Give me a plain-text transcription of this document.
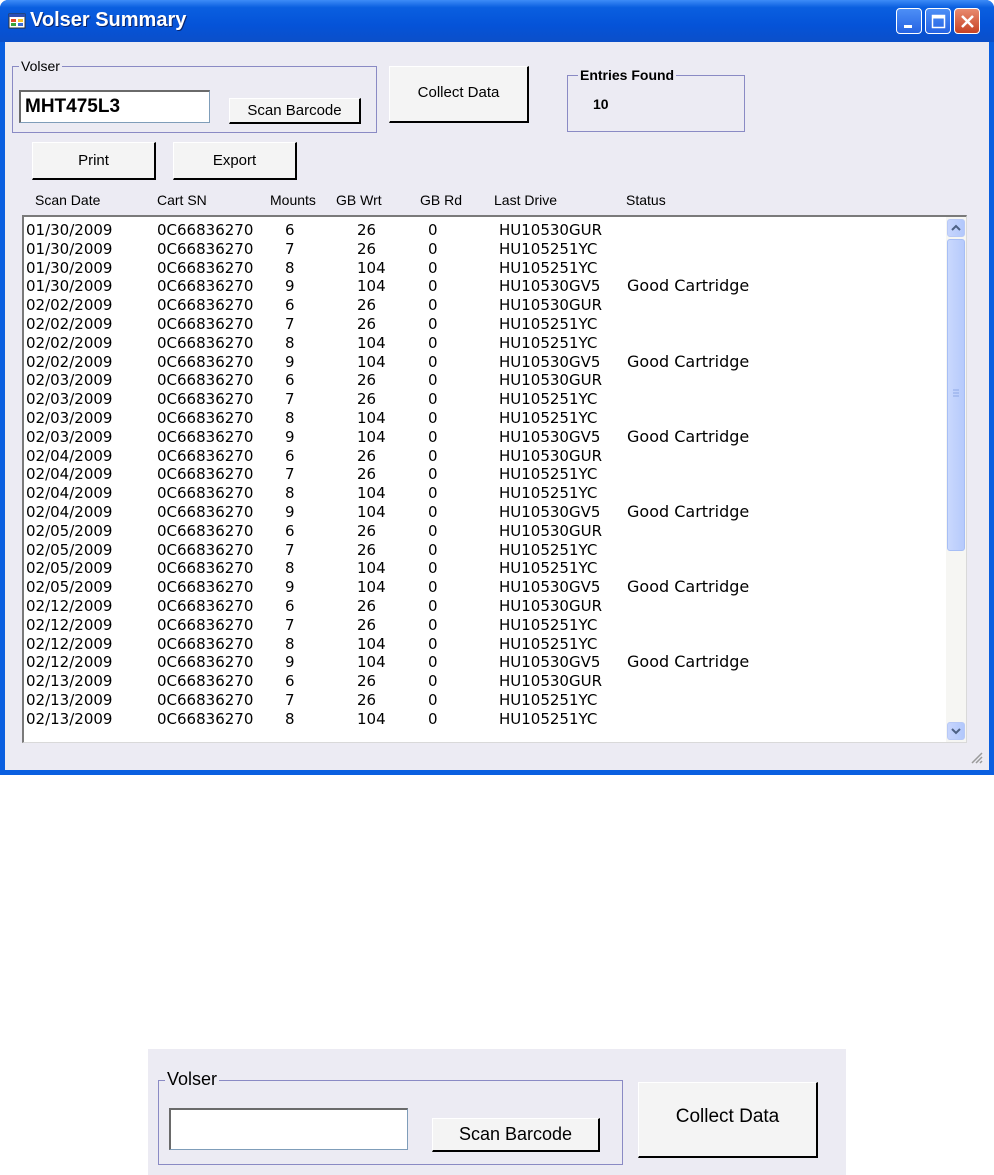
Volser Summary
Volser
MHT475L3
Scan Barcode
Collect Data
Entries Found
10
Print	Export
Scan Date	Cart SN	Mounts GB Wrt	GB Rd Last Drive	Status
01/30/2009	0C66836270 6	26	0	HU10530GUR
01/30/2009	0C66836270 7	26	0	HU105251YC
01/30/2009	0C66836270 8	104	0	HU105251YC
01/30/2009	0C66836270 9	104	0	HU10530GV5 Good Cartridge
02/02/2009	0C66836270 6	26	0	HU10530GUR
02/02/2009	0C66836270 7	26	0	HU105251YC
02/02/2009	0C66836270 8	104	0	HU105251YC
02/02/2009	0C66836270 9	104	0	HU10530GV5 Good Cartridge
02/03/2009	0C66836270 6	26	0	HU10530GUR
02/03/2009	0C66836270 7	26	0	HU105251YC
02/03/2009	0C66836270 8	104	0	HU105251YC
02/03/2009	0C66836270 9	104	0	HU10530GV5 Good Cartridge
02/04/2009	0C66836270 6	26	0	HU10530GUR
02/04/2009	0C66836270 7	26	0	HU105251YC
02/04/2009	0C66836270 8	104	0	HU105251YC
02/04/2009	0C66836270 9	104	0	HU10530GV5 Good Cartridge
02/05/2009	0C66836270 6	26	0	HU10530GUR
02/05/2009	0C66836270 7	26	0	HU105251YC
02/05/2009	0C66836270 8	104	0	HU105251YC
02/05/2009	0C66836270 9	104	0	HU10530GV5 Good Cartridge
02/12/2009	0C66836270 6	26	0	HU10530GUR
02/12/2009	0C66836270 7	26	0	HU105251YC
02/12/2009	0C66836270 8	104	0	HU105251YC
02/12/2009	0C66836270 9	104	0	HU10530GV5 Good Cartridge
02/13/2009	0C66836270 6	26	0	HU10530GUR
02/13/2009	0C66836270 7	26	0	HU105251YC
02/13/2009	0C66836270 8	104	0	HU105251YC
Volser
Scan Barcode
Collect Data
